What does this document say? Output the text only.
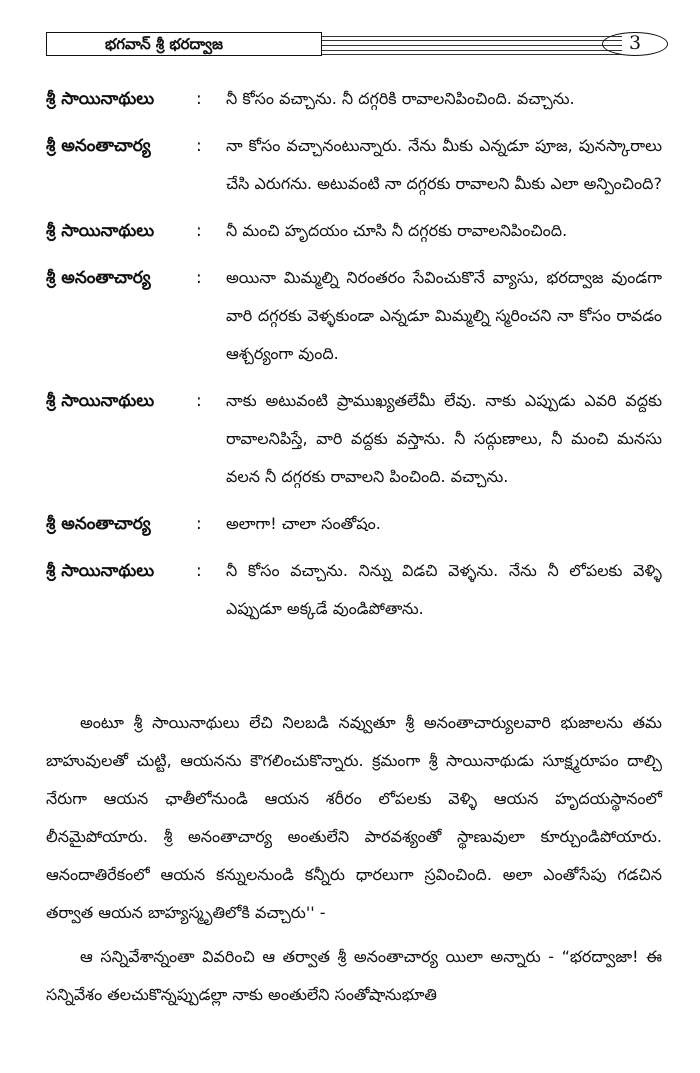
భగవాన్ శ్రీ భరద్వాజ	3
శ్రీ సాయినాథులు	:	నీ కోసం వచ్చాను. నీ దగ్గరికి రావాలనిపించింది. వచ్చాను.
శ్రీ అనంతాచార్య	:	నా కోసం వచ్చానంటున్నారు. నేను మీకు ఎన్నడూ పూజ, పునస్కారాలు చేసి ఎరుగను. అటువంటి నా దగ్గరకు రావాలని మీకు ఎలా అన్పించింది?
శ్రీ సాయినాథులు	:	నీ మంచి హృదయం చూసి నీ దగ్గరకు రావాలనిపించింది.
శ్రీ అనంతాచార్య	:	అయినా మిమ్మల్ని నిరంతరం సేవించుకొనే వ్యాసు, భరద్వాజ వుండగా వారి దగ్గరకు వెళ్ళకుండా ఎన్నడూ మిమ్మల్ని స్మరించని నా కోసం రావడం ఆశ్చర్యంగా వుంది.
శ్రీ సాయినాథులు	:	నాకు అటువంటి ప్రాముఖ్యతలేమీ లేవు. నాకు ఎప్పుడు ఎవరి వద్దకు రావాలనిపిస్తే, వారి వద్దకు వస్తాను. నీ సద్గుణాలు, నీ మంచి మనసు వలన నీ దగ్గరకు రావాలని పించింది. వచ్చాను.
శ్రీ అనంతాచార్య	:	అలాగా! చాలా సంతోషం.
శ్రీ సాయినాథులు	:	నీ కోసం వచ్చాను. నిన్ను విడచి వెళ్ళను. నేను నీ లోపలకు వెళ్ళి ఎప్పుడూ అక్కడే వుండిపోతాను.

అంటూ శ్రీ సాయినాథులు లేచి నిలబడి నవ్వుతూ శ్రీ అనంతాచార్యులవారి భుజాలను తమ బాహువులతో చుట్టి, ఆయనను కౌగలించుకొన్నారు. క్రమంగా శ్రీ సాయినాథుడు సూక్ష్మరూపం దాల్చి నేరుగా ఆయన ఛాతీలోనుండి ఆయన శరీరం లోపలకు వెళ్ళి ఆయన హృదయస్థానంలో లీనమైపోయారు. శ్రీ అనంతాచార్య అంతులేని పారవశ్యంతో స్థాణువులా కూర్చుండిపోయారు. ఆనందాతిరేకంలో ఆయన కన్నులనుండి కన్నీరు ధారలుగా స్రవించింది. అలా ఎంతోసేపు గడచిన తర్వాత ఆయన బాహ్యస్మృతిలోకి వచ్చారు'' -

ఆ సన్నివేశాన్నంతా వివరించి ఆ తర్వాత శ్రీ అనంతాచార్య యిలా అన్నారు - “భరద్వాజా! ఈ సన్నివేశం తలచుకొన్నప్పుడల్లా నాకు అంతులేని సంతోషానుభూతి
